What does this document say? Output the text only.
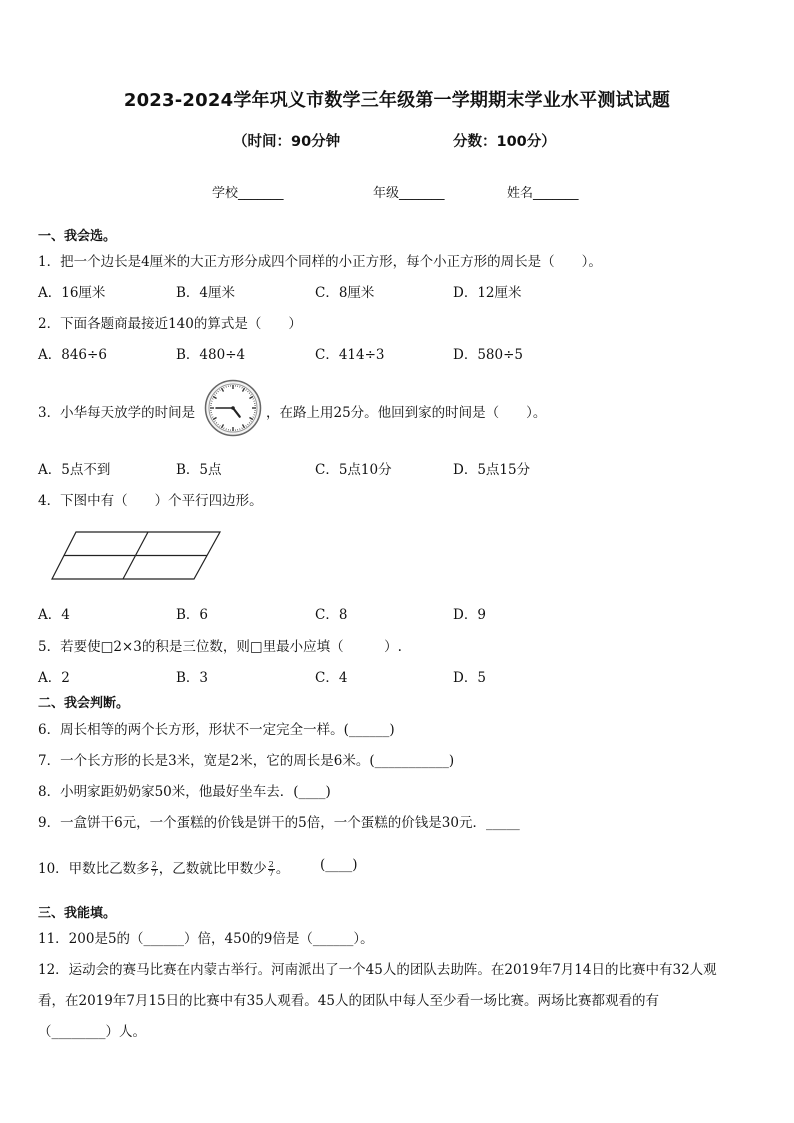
2023-2024学年巩义市数学三年级第一学期期末学业水平测试试题
（时间：90分钟	分数：100分）
学校_______	年级_______	姓名_______
一、我会选。
1．把一个边长是4厘米的大正方形分成四个同样的小正方形，每个小正方形的周长是（　　）。
A．16厘米	B．4厘米	C．8厘米	D．12厘米
2．下面各题商最接近140的算式是（　　）
A．846÷6	B．480÷4	C．414÷3	D．580÷5
3．小华每天放学的时间是	，在路上用25分。他回到家的时间是（　　）。
A．5点不到	B．5点	C．5点10分	D．5点15分
4．下图中有（　　）个平行四边形。
A．4	B．6	C．8	D．9
5．若要使□2×3的积是三位数，则□里最小应填（　　　）.
A．2	B．3	C．4	D．5
二、我会判断。
6．周长相等的两个长方形，形状不一定完全一样。(______)
7．一个长方形的长是3米，宽是2米，它的周长是6米。(___________)
8．小明家距奶奶家50米，他最好坐车去．(____)
9．一盒饼干6元，一个蛋糕的价钱是饼干的5倍，一个蛋糕的价钱是30元．_____
10．甲数比乙数多 $\frac{2}{7}$ ，乙数就比甲数少 $\frac{2}{7}$ 。 (____)
三、我能填。
11．200是5的（______）倍，450的9倍是（______）。
12．运动会的赛马比赛在内蒙古举行。河南派出了一个45人的团队去助阵。在2019年7月14日的比赛中有32人观
看，在2019年7月15日的比赛中有35人观看。45人的团队中每人至少看一场比赛。两场比赛都观看的有
（________）人。
